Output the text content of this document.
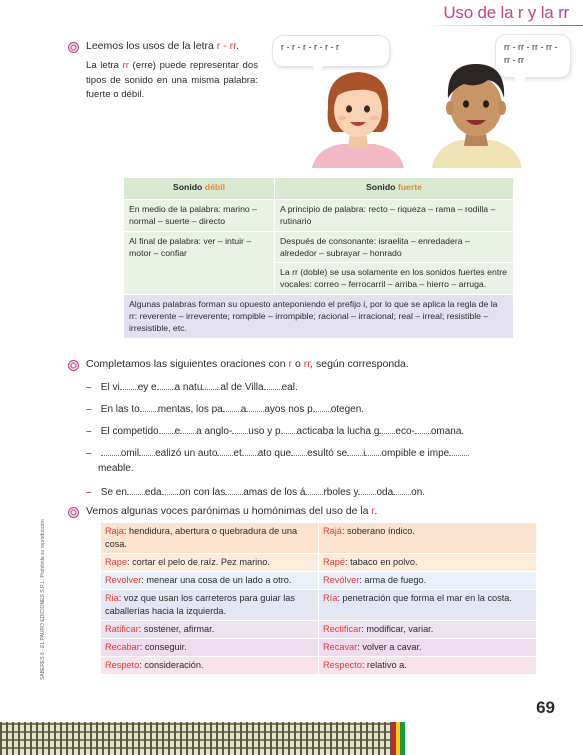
Uso de la r y la rr
Leemos los usos de la letra r - rr.
La letra rr (erre) puede representar dos tipos de sonido en una misma palabra: fuerte o débil.
r - r - r - r - r - r	rr - rr - rr - rr - rr - rr
Sonido débil	Sonido fuerte
En medio de la palabra: marino – normal – suerte – directo	A principio de palabra: recto – riqueza – rama – rodilla – rutinario
Al final de palabra: ver – intuir – motor – confiar	Después de consonante: israelita – enredadera – alrededor – subrayar – honrado
	La rr (doble) se usa solamente en los sonidos fuertes entre vocales: correo – ferrocarril – arriba – hierro – arruga.
Algunas palabras forman su opuesto anteponiendo el prefijo i, por lo que se aplica la regla de la rr: reverente – irreverente; rompible – irrompible; racional – irracional; real – irreal; resistible – irresistible, etc.	
Completamos las siguientes oraciones con r o rr, según corresponda.
– El vi ey e a natu al de Villa eal.
– En las to mentas, los pa a ayos nos p otegen.
– El competido e a anglo- uso y p acticaba la lucha g eco- omana.
–	omil ealizó un auto et ato que esultó se i ompible e impe
meable.
– Se en eda on con las amas de los á rboles y oda on.
Vemos algunas voces parónimas u homónimas del uso de la r.
Raja: hendidura, abertura o quebradura de una cosa.	Rajá: soberano índico.
Rape: cortar el pelo de raíz. Pez marino.	Rapé: tabaco en polvo.
Revolver: menear una cosa de un lado a otro.	Revólver: arma de fuego.
Ria: voz que usan los carreteros para guiar las caballerías hacia la izquierda.	Ría: penetración que forma el mar en la costa.
Ratificar: sostener, afirmar.	Rectificar: modificar, variar.
Recabar: conseguir.	Recavar: volver a cavar.
Respeto: consideración.	Respecto: relativo a.
SABERES 6 - EL PAURO EDICIONES S.R.L. Prohibida su reproducción
69
